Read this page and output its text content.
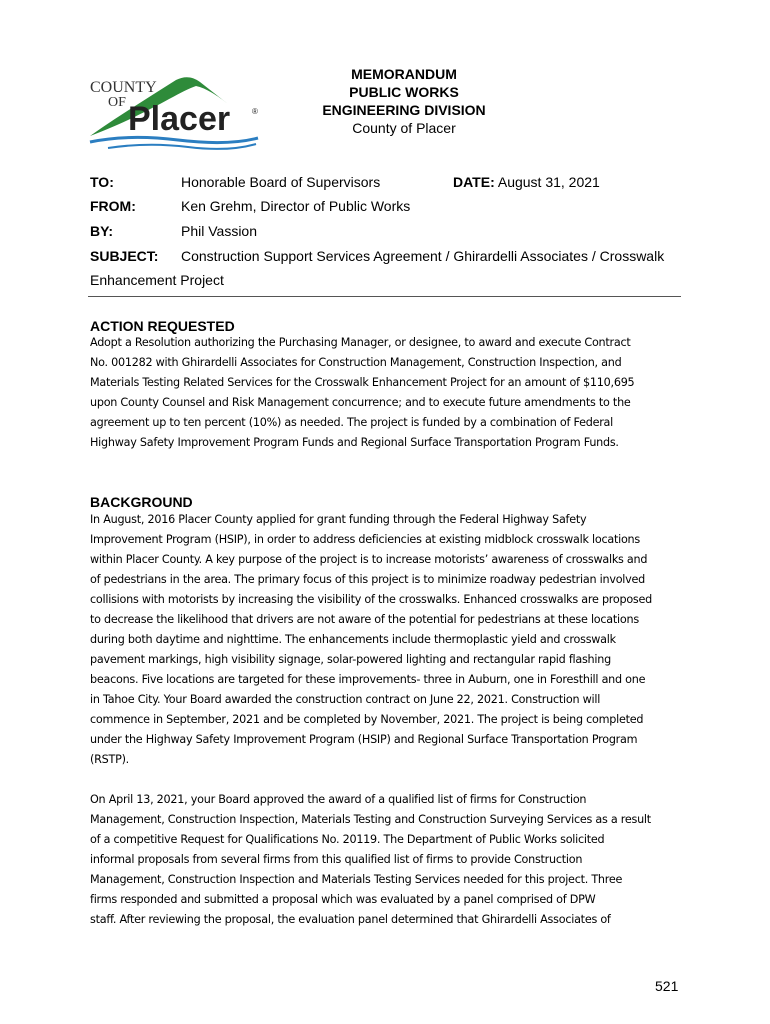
COUNTY
OF Placer	®
MEMORANDUM
PUBLIC WORKS
ENGINEERING DIVISION
County of Placer
TO:	Honorable Board of Supervisors	DATE: August 31, 2021
FROM:	Ken Grehm, Director of Public Works
BY:	Phil Vassion
SUBJECT: Construction Support Services Agreement / Ghirardelli Associates / Crosswalk
Enhancement Project
ACTION REQUESTED
Adopt a Resolution authorizing the Purchasing Manager, or designee, to award and execute Contract
No. 001282 with Ghirardelli Associates for Construction Management, Construction Inspection, and
Materials Testing Related Services for the Crosswalk Enhancement Project for an amount of $110,695
upon County Counsel and Risk Management concurrence; and to execute future amendments to the
agreement up to ten percent (10%) as needed. The project is funded by a combination of Federal
Highway Safety Improvement Program Funds and Regional Surface Transportation Program Funds.
BACKGROUND
In August, 2016 Placer County applied for grant funding through the Federal Highway Safety
Improvement Program (HSIP), in order to address deficiencies at existing midblock crosswalk locations
within Placer County. A key purpose of the project is to increase motorists’ awareness of crosswalks and
of pedestrians in the area. The primary focus of this project is to minimize roadway pedestrian involved
collisions with motorists by increasing the visibility of the crosswalks. Enhanced crosswalks are proposed
to decrease the likelihood that drivers are not aware of the potential for pedestrians at these locations
during both daytime and nighttime. The enhancements include thermoplastic yield and crosswalk
pavement markings, high visibility signage, solar-powered lighting and rectangular rapid flashing
beacons. Five locations are targeted for these improvements- three in Auburn, one in Foresthill and one
in Tahoe City. Your Board awarded the construction contract on June 22, 2021. Construction will
commence in September, 2021 and be completed by November, 2021. The project is being completed
under the Highway Safety Improvement Program (HSIP) and Regional Surface Transportation Program
(RSTP).
On April 13, 2021, your Board approved the award of a qualified list of firms for Construction
Management, Construction Inspection, Materials Testing and Construction Surveying Services as a result
of a competitive Request for Qualifications No. 20119. The Department of Public Works solicited
informal proposals from several firms from this qualified list of firms to provide Construction
Management, Construction Inspection and Materials Testing Services needed for this project. Three
firms responded and submitted a proposal which was evaluated by a panel comprised of DPW
staff. After reviewing the proposal, the evaluation panel determined that Ghirardelli Associates of
521
